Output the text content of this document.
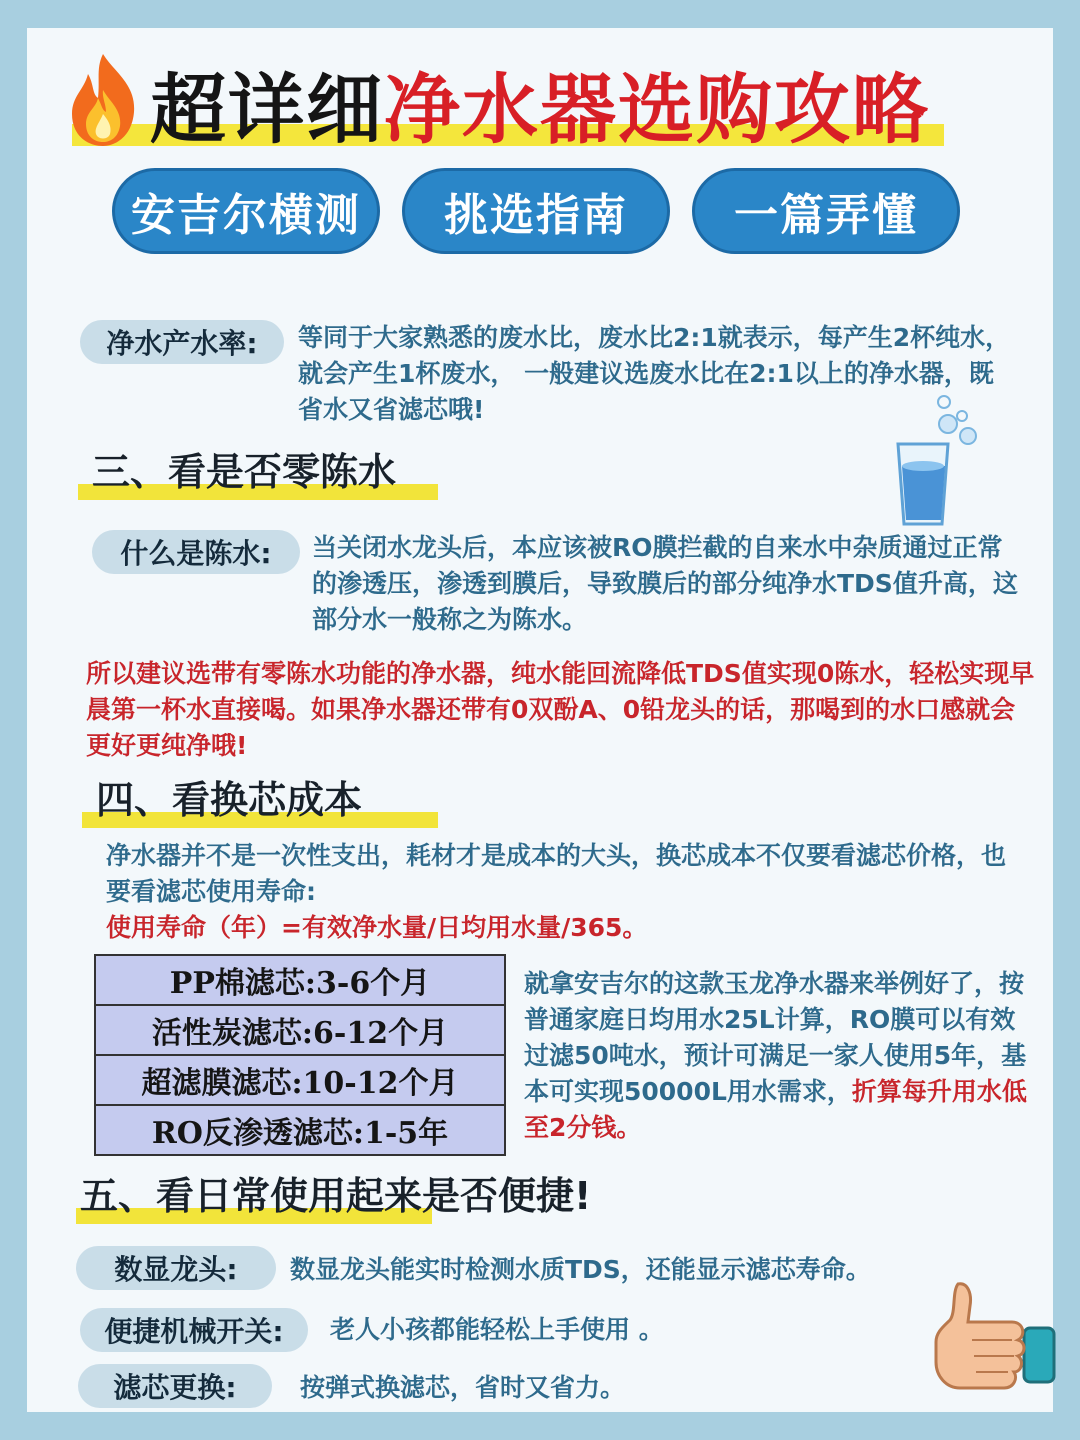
超详细净水器选购攻略
安吉尔横测	挑选指南	一篇弄懂
净水产水率:	等同于大家熟悉的废水比，废水比2:1就表示，每产生2杯纯水，就会产生1杯废水， 一般建议选废水比在2:1以上的净水器，既省水又省滤芯哦!
三、看是否零陈水
什么是陈水:	当关闭水龙头后，本应该被RO膜拦截的自来水中杂质通过正常的渗透压，渗透到膜后，导致膜后的部分纯净水TDS值升高，这部分水一般称之为陈水。
所以建议选带有零陈水功能的净水器，纯水能回流降低TDS值实现0陈水，轻松实现早晨第一杯水直接喝。如果净水器还带有0双酚A、0铅龙头的话，那喝到的水口感就会更好更纯净哦!
四、看换芯成本
净水器并不是一次性支出，耗材才是成本的大头，换芯成本不仅要看滤芯价格，也要看滤芯使用寿命:
使用寿命（年）=有效净水量/日均用水量/365。
PP棉滤芯:3-6个月
活性炭滤芯:6-12个月
超滤膜滤芯:10-12个月
RO反渗透滤芯:1-5年
就拿安吉尔的这款玉龙净水器来举例好了，按普通家庭日均用水25L计算，RO膜可以有效过滤50吨水，预计可满足一家人使用5年，基本可实现50000L用水需求，折算每升用水低至2分钱。
五、看日常使用起来是否便捷!
数显龙头:	数显龙头能实时检测水质TDS，还能显示滤芯寿命。
便捷机械开关:	老人小孩都能轻松上手使用 。
滤芯更换:	按弹式换滤芯，省时又省力。
